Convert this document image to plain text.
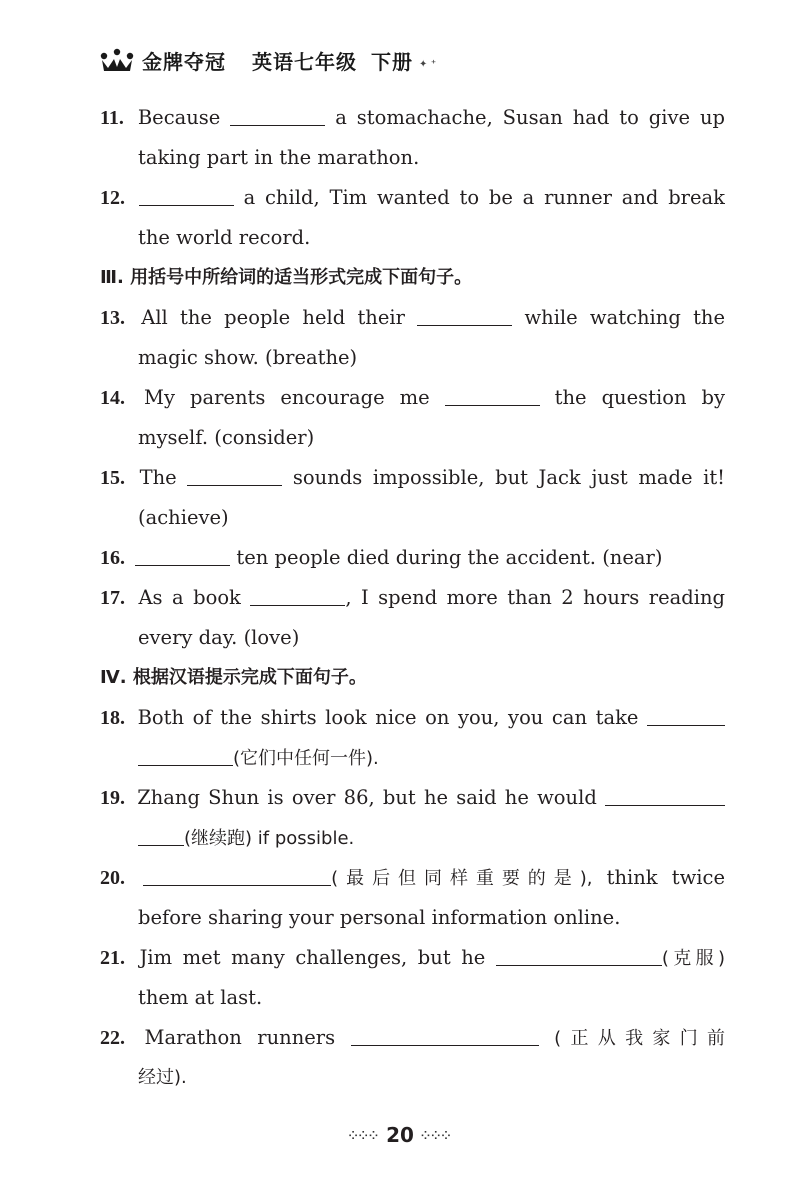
金牌夺冠 英语七年级 下册 ✦ ⁺
11. Because	a stomachache, Susan had to give up
taking part in the marathon.
12.	a child, Tim wanted to be a runner and break
the world record.
Ⅲ. 用括号中所给词的适当形式完成下面句子。
13. All the people held their	while watching the
magic show. (breathe)
14. My parents encourage me	the question by
myself. (consider)
15. The	sounds impossible, but Jack just made it!
(achieve)
16.	ten people died during the accident. (near)
17. As a book	, I spend more than 2 hours reading
every day. (love)
Ⅳ. 根据汉语提示完成下面句子。
18. Both of the shirts look nice on you, you can take
(它们中任何一件).
19. Zhang Shun is over 86, but he said he would
(继续跑) if possible.
20.	(最后但同样重要的是), think twice
before sharing your personal information online.
21. Jim met many challenges, but he	(克服)
them at last.
22. Marathon runners	(正从我家门前
经过).
⁘⁘⁘ 20 ⁘⁘⁘
